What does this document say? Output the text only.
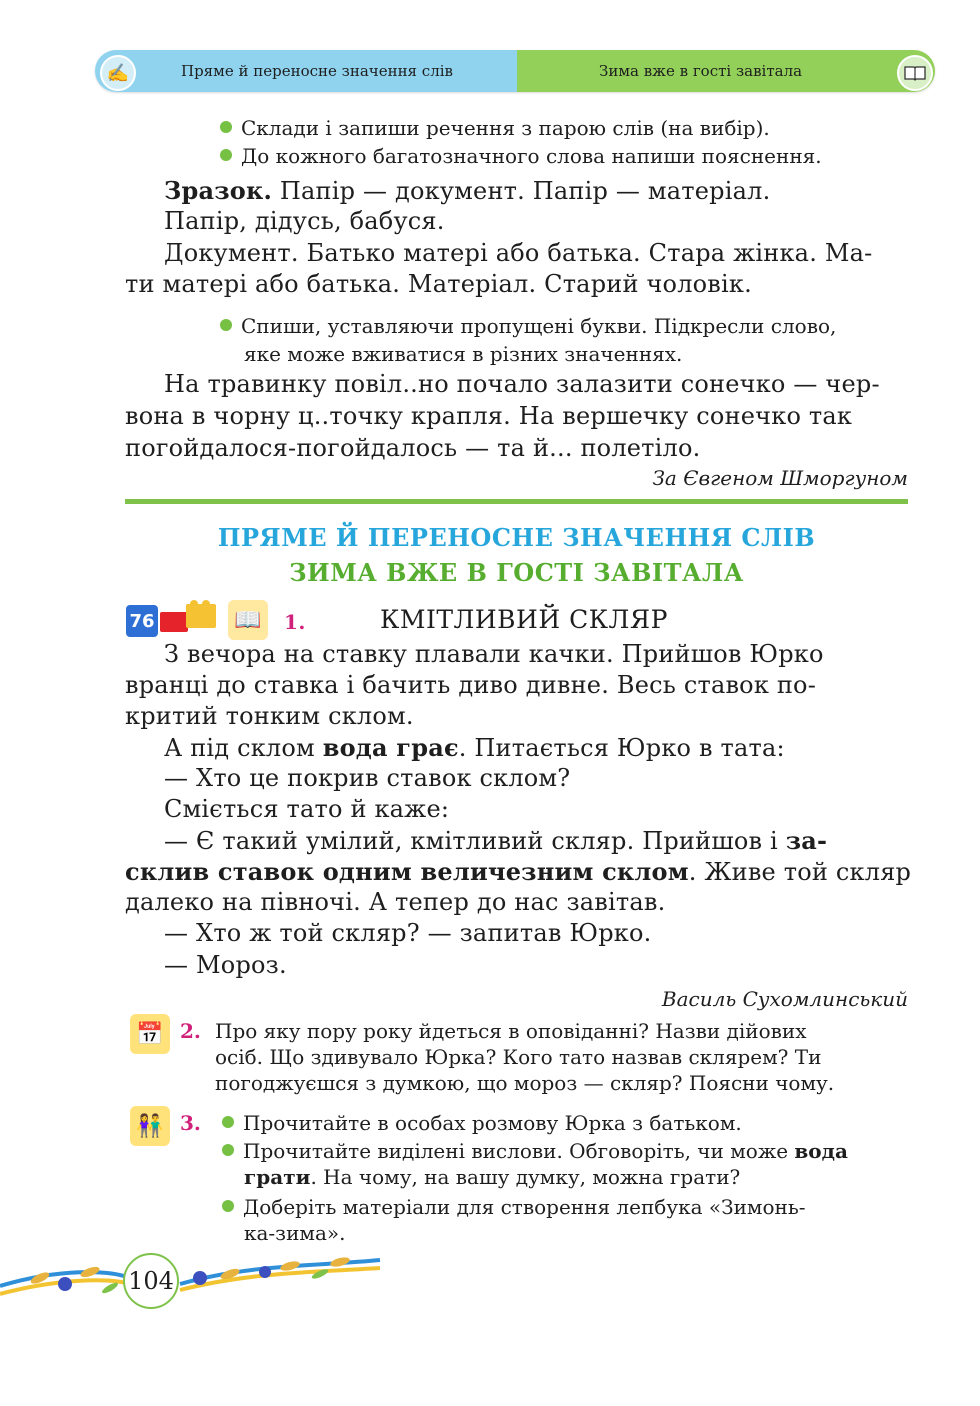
Пряме й переносне значення слів	Зима вже в гості завітала
✍
Склади і запиши речення з парою слів (на вибір).
До кожного багатозначного слова напиши пояснення.
Зразок. Папір — документ. Папір — матеріал.
Папір, дідусь, бабуся.
Документ. Батько матері або батька. Стара жінка. Ма-
ти матері або батька. Матеріал. Старий чоловік.
Спиши, уставляючи пропущені букви. Підкресли слово,
яке може вживатися в різних значеннях.
На травинку повіл..но почало залазити сонечко — чер-
вона в чорну ц..точку крапля. На вершечку сонечко так
погойдалося-погойдалось — та й... полетіло.
За Євгеном Шморгуном
ПРЯМЕ Й ПЕРЕНОСНЕ ЗНАЧЕННЯ СЛІВ
ЗИМА ВЖЕ В ГОСТІ ЗАВІТАЛА
76	📖	1.	КМІТЛИВИЙ СКЛЯР
З вечора на ставку плавали качки. Прийшов Юрко
вранці до ставка і бачить диво дивне. Весь ставок по-
критий тонким склом.
А під склом вода грає. Питається Юрко в тата:
— Хто це покрив ставок склом?
Сміється тато й каже:
— Є такий умілий, кмітливий скляр. Прийшов і за-
склив ставок одним величезним склом. Живе той скляр
далеко на півночі. А тепер до нас завітав.
— Хто ж той скляр? — запитав Юрко.
— Мороз.
Василь Сухомлинський
📅 2. Про яку пору року йдеться в оповіданні? Назви дійових
осіб. Що здивувало Юрка? Кого тато назвав склярем? Ти
погоджуєшся з думкою, що мороз — скляр? Поясни чому.
👫 3.	Прочитайте в особах розмову Юрка з батьком.
Прочитайте виділені вислови. Обговоріть, чи може вода
грати. На чому, на вашу думку, можна грати?
Доберіть матеріали для створення лепбука «Зимонь-
ка-зима».
104
